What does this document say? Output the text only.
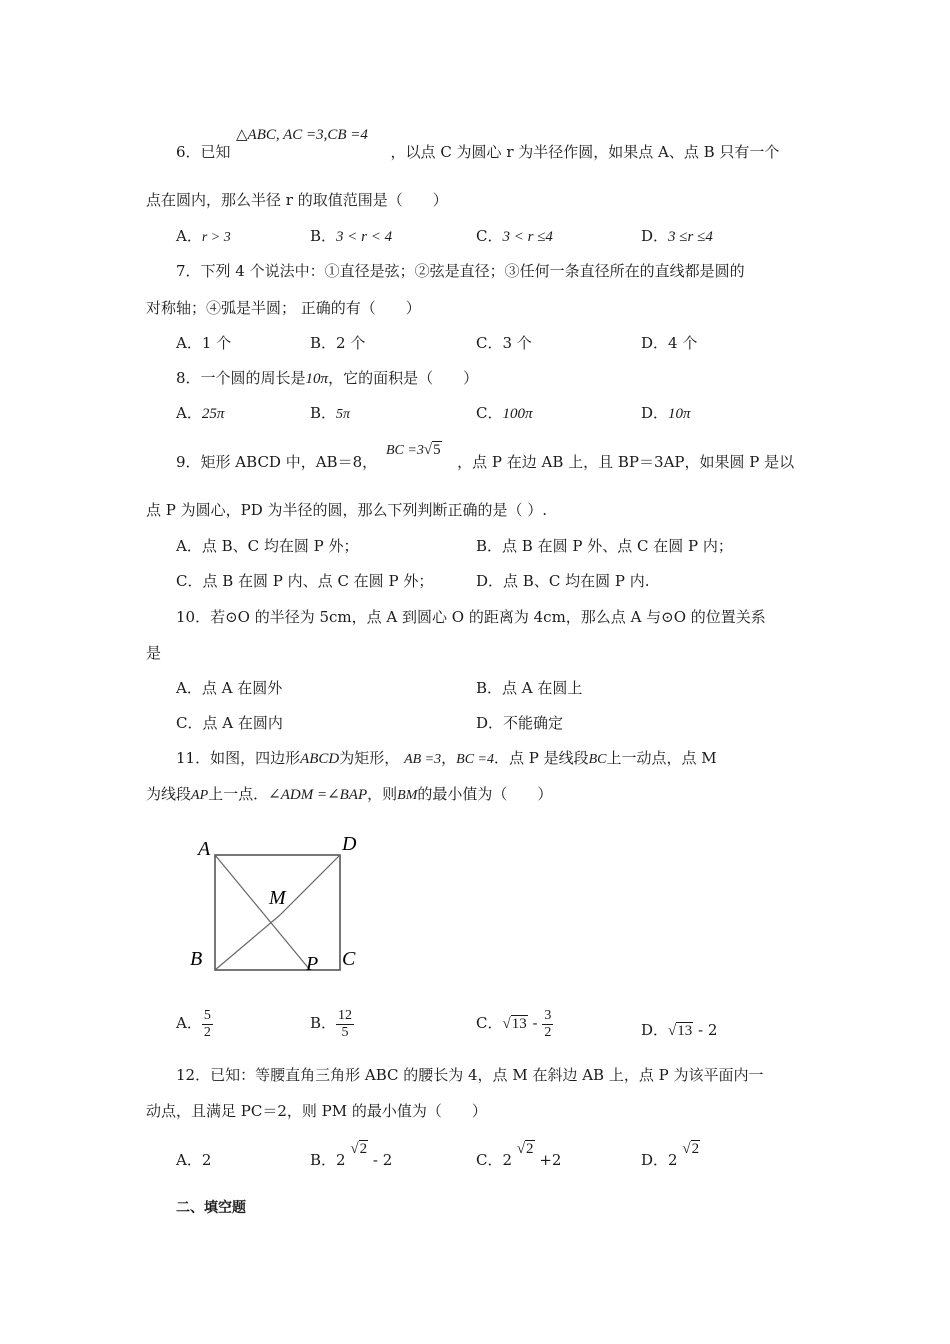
△ABC, AC =3,CB =4
6．已知	，以点 C 为圆心 r 为半径作圆，如果点 A、点 B 只有一个
点在圆内，那么半径 r 的取值范围是（　　）
A．r > 3	B．3 < r < 4	C．3 < r ≤4	D．3 ≤r ≤4
7．下列 4 个说法中：①直径是弦；②弦是直径；③任何一条直径所在的直线都是圆的
对称轴；④弧是半圆； 正确的有（　　）
A．1 个	B．2 个	C．3 个	D．4 个
8．一个圆的周长是10π，它的面积是（　　）
A．25π	B．5π	C．100π	D．10π
BC =3√5
9．矩形 ABCD 中，AB＝8，	，点 P 在边 AB 上，且 BP＝3AP，如果圆 P 是以
点 P 为圆心，PD 为半径的圆，那么下列判断正确的是（ ）.
A．点 B、C 均在圆 P 外；	B．点 B 在圆 P 外、点 C 在圆 P 内；
C．点 B 在圆 P 内、点 C 在圆 P 外；	D．点 B、C 均在圆 P 内.
10．若⊙O 的半径为 5cm，点 A 到圆心 O 的距离为 4cm，那么点 A 与⊙O 的位置关系
是
A．点 A 在圆外	B．点 A 在圆上
C．点 A 在圆内	D．不能确定
11．如图，四边形ABCD为矩形， AB =3，BC =4．点 P 是线段BC上一动点，点 M
为线段AP上一点．∠ADM =∠BAP，则BM的最小值为（　　）
A	D
M
B	P C
A． $\frac{5}{2}$	B． $\frac{12}{5}$	C．$√13 - \frac{3}{2}$	D．√13 - 2
12．已知：等腰直角三角形 ABC 的腰长为 4，点 M 在斜边 AB 上，点 P 为该平面内一
动点，且满足 PC＝2，则 PM 的最小值为（　　）
A．2	B．2 √2 - 2	C．2 √2 +2	D．2 √2
二、填空题
